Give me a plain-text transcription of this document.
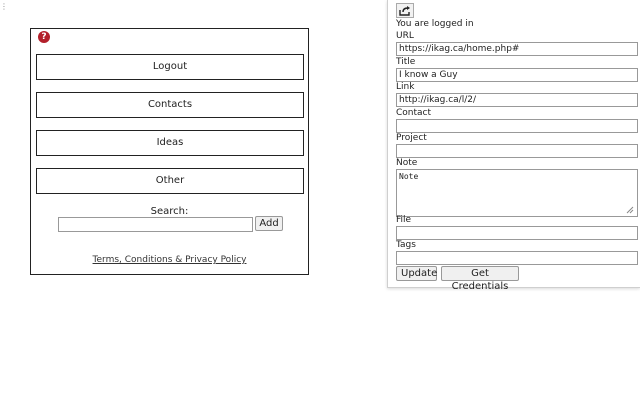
⋮
?
Logout
Contacts
Ideas
Other
Search:
Add
Terms, Conditions & Privacy Policy
You are logged in
URL
https://ikag.ca/home.php#
Title
I know a Guy
Link
http://ikag.ca/l/2/
Contact
Project
Note
Note
File
Tags
Update	Get Credentials
